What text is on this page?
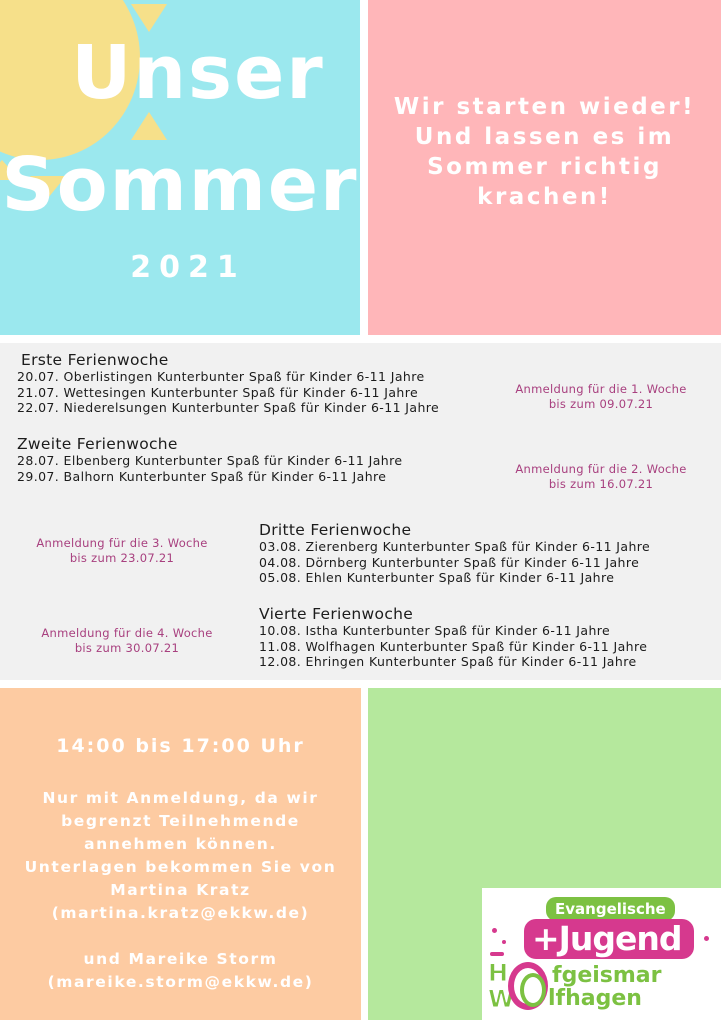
Unser
Sommer
2021
Wir starten wieder!
Und lassen es im
Sommer richtig
krachen!
Erste Ferienwoche
20.07. Oberlistingen Kunterbunter Spaß für Kinder 6-11 Jahre
21.07. Wettesingen Kunterbunter Spaß für Kinder 6-11 Jahre
22.07. Niederelsungen Kunterbunter Spaß für Kinder 6-11 Jahre
Anmeldung für die 1. Woche
bis zum 09.07.21
Zweite Ferienwoche
28.07. Elbenberg Kunterbunter Spaß für Kinder 6-11 Jahre
29.07. Balhorn Kunterbunter Spaß für Kinder 6-11 Jahre	Anmeldung für die 2. Woche
bis zum 16.07.21
Anmeldung für die 3. Woche
bis zum 23.07.21
Dritte Ferienwoche
03.08. Zierenberg Kunterbunter Spaß für Kinder 6-11 Jahre
04.08. Dörnberg Kunterbunter Spaß für Kinder 6-11 Jahre
05.08. Ehlen Kunterbunter Spaß für Kinder 6-11 Jahre
Anmeldung für die 4. Woche
bis zum 30.07.21
Vierte Ferienwoche
10.08. Istha Kunterbunter Spaß für Kinder 6-11 Jahre
11.08. Wolfhagen Kunterbunter Spaß für Kinder 6-11 Jahre
12.08. Ehringen Kunterbunter Spaß für Kinder 6-11 Jahre
14:00 bis 17:00 Uhr
Nur mit Anmeldung, da wir
begrenzt Teilnehmende
annehmen können.
Unterlagen bekommen Sie von
Martina Kratz
(martina.kratz@ekkw.de)
und Mareike Storm
(mareike.storm@ekkw.de)
Evangelische
+Jugend
H
W
fgeismar
lfhagen
